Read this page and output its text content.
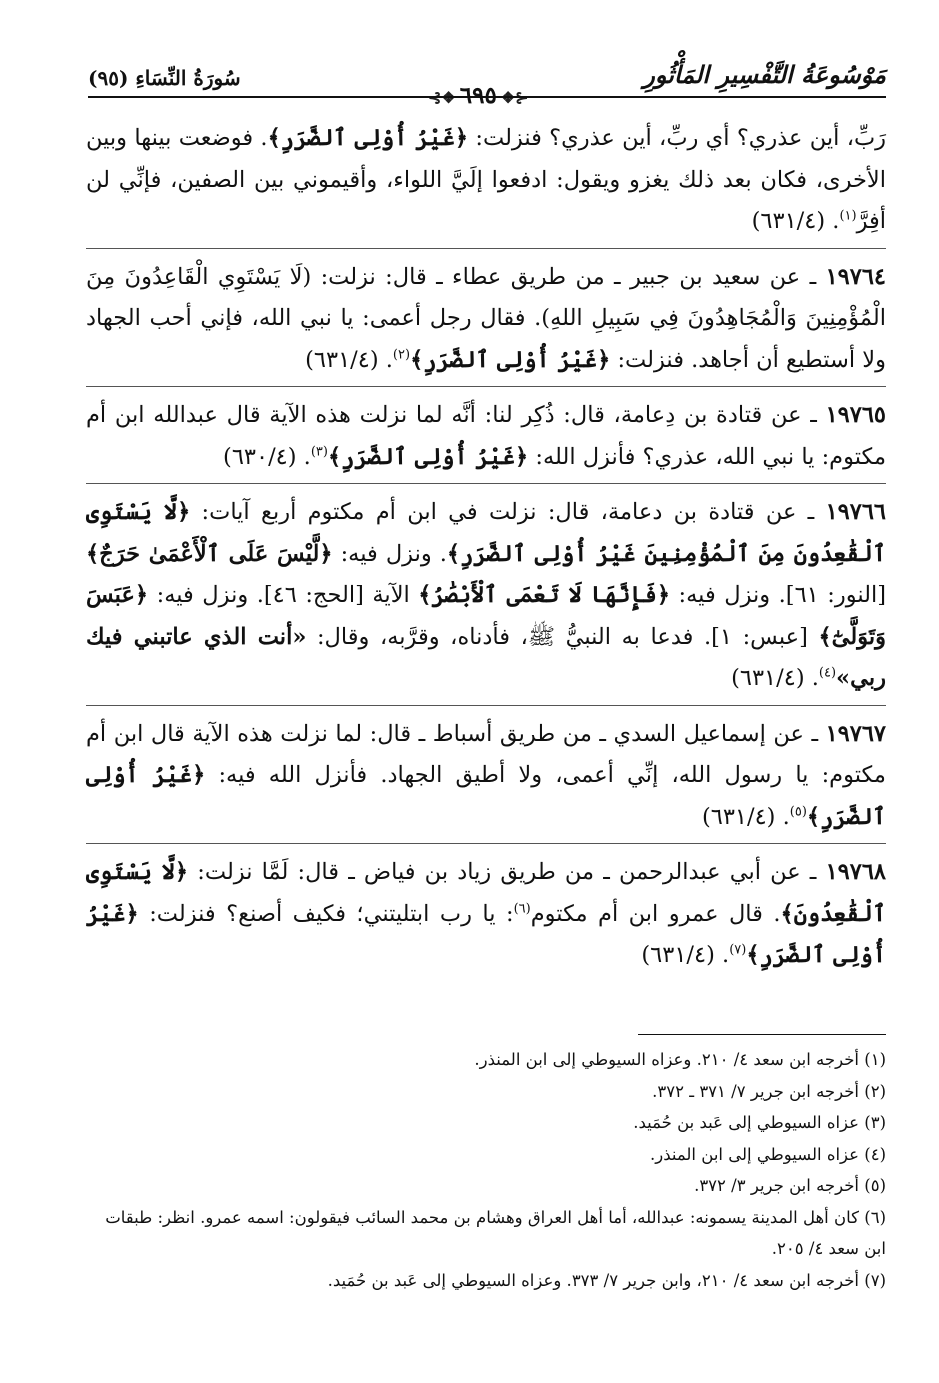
سُورَةُ النِّسَاءِ (٩٥)
⊰❖ ٦٩٥ ❖⊱
مَوْسُوعَةُ التَّفْسِيرِ المَأْثُورِ

رَبِّ، أين عذري؟ أي ربِّ، أين عذري؟ فنزلت: ﴿غَيْرُ أُوْلِى ٱلضَّرَرِ﴾. فوضعت بينها وبين الأخرى، فكان بعد ذلك يغزو ويقول: ادفعوا إلَيَّ اللواء، وأقيموني بين الصفين، فإنِّي لن أفِرَّ$^{(١)}$. (٦٣١/٤)

١٩٧٦٤ ـ عن سعيد بن جبير ـ من طريق عطاء ـ قال: نزلت: (لَا يَسْتَوِي الْقَاعِدُونَ مِنَ الْمُؤْمِنِينَ وَالْمُجَاهِدُونَ فِي سَبِيلِ اللهِ). فقال رجل أعمى: يا نبي الله، فإني أحب الجهاد ولا أستطيع أن أجاهد. فنزلت: ﴿غَيْرُ أُوْلِى ٱلضَّرَرِ﴾$^{(٢)}$. (٦٣١/٤)

١٩٧٦٥ ـ عن قتادة بن دِعامة، قال: ذُكِر لنا: أنَّه لما نزلت هذه الآية قال عبدالله ابن أم مكتوم: يا نبي الله، عذري؟ فأنزل الله: ﴿غَيْرُ أُوْلِى ٱلضَّرَرِ﴾$^{(٣)}$. (٦٣٠/٤)

١٩٧٦٦ ـ عن قتادة بن دعامة، قال: نزلت في ابن أم مكتوم أربع آيات: ﴿لَّا يَسْتَوِى ٱلْقَٰعِدُونَ مِنَ ٱلْمُؤْمِنِينَ غَيْرُ أُوْلِى ٱلضَّرَرِ﴾. ونزل فيه: ﴿لَّيْسَ عَلَى ٱلْأَعْمَىٰ حَرَجٌ﴾ [النور: ٦١]. ونزل فيه: ﴿فَإِنَّهَا لَا تَعْمَى ٱلْأَبْصَٰرُ﴾ الآية [الحج: ٤٦]. ونزل فيه: ﴿عَبَسَ وَتَوَلَّىٰٓ﴾ [عبس: ١]. فدعا به النبيُّ ﷺ، فأدناه، وقرَّبه، وقال: «أنت الذي عاتبني فيك ربي»$^{(٤)}$. (٦٣١/٤)

١٩٧٦٧ ـ عن إسماعيل السدي ـ من طريق أسباط ـ قال: لما نزلت هذه الآية قال ابن أم مكتوم: يا رسول الله، إنِّي أعمى، ولا أطيق الجهاد. فأنزل الله فيه: ﴿غَيْرُ أُوْلِى ٱلضَّرَرِ﴾$^{(٥)}$. (٦٣١/٤)

١٩٧٦٨ ـ عن أبي عبدالرحمن ـ من طريق زياد بن فياض ـ قال: لَمَّا نزلت: ﴿لَّا يَسْتَوِى ٱلْقَٰعِدُونَ﴾. قال عمرو ابن أم مكتوم$^{(٦)}$: يا رب ابتليتني؛ فكيف أصنع؟ فنزلت: ﴿غَيْرُ أُوْلِى ٱلضَّرَرِ﴾$^{(٧)}$. (٦٣١/٤)

(١) أخرجه ابن سعد ٤/ ٢١٠. وعزاه السيوطي إلى ابن المنذر.

(٢) أخرجه ابن جرير ٧/ ٣٧١ ـ ٣٧٢.

(٣) عزاه السيوطي إلى عَبد بن حُمَيد.

(٤) عزاه السيوطي إلى ابن المنذر.

(٥) أخرجه ابن جرير ٣/ ٣٧٢.

(٦) كان أهل المدينة يسمونه: عبدالله، أما أهل العراق وهشام بن محمد السائب فيقولون: اسمه عمرو. انظر: طبقات ابن سعد ٤/ ٢٠٥.

(٧) أخرجه ابن سعد ٤/ ٢١٠، وابن جرير ٧/ ٣٧٣. وعزاه السيوطي إلى عَبد بن حُمَيد.
